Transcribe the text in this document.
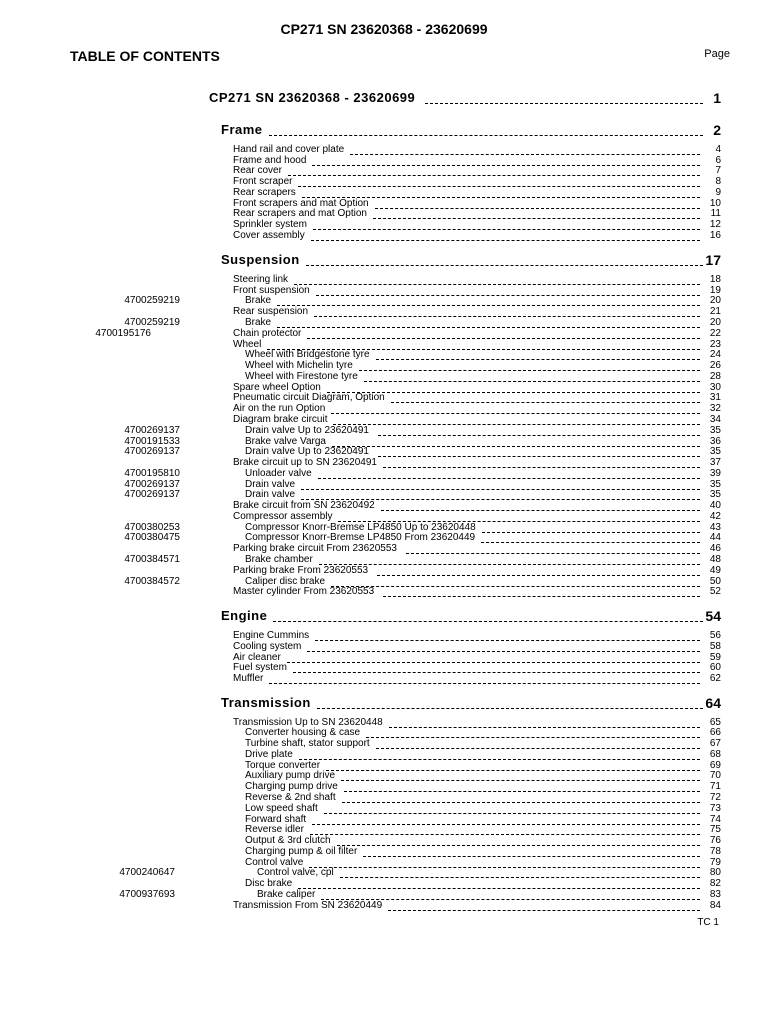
CP271 SN 23620368 - 23620699
TABLE OF CONTENTS	Page
CP271 SN 23620368 - 23620699	1
Frame	2
Hand rail and cover plate	4
Frame and hood	6
Rear cover	7
Front scraper	8
Rear scrapers	9
Front scrapers and mat Option	10
Rear scrapers and mat Option	11
Sprinkler system	12
Cover assembly	16
Suspension	17
Steering link	18
Front suspension	19
4700259219	Brake	20
Rear suspension	21
4700259219	Brake	20
4700195176	Chain protector	22
Wheel	23
Wheel with Bridgestone tyre	24
Wheel with Michelin tyre	26
Wheel with Firestone tyre	28
Spare wheel Option	30
Pneumatic circuit Diagram, Option	31
Air on the run Option	32
Diagram brake circuit	34
4700269137	Drain valve Up to 23620491	35
4700191533	Brake valve Varga	36
4700269137	Drain valve Up to 23620491	35
Brake circuit up to SN 23620491	37
4700195810	Unloader valve	39
4700269137	Drain valve	35
4700269137	Drain valve	35
Brake circuit from SN 23620492	40
Compressor assembly	42
4700380253	Compressor Knorr-Bremse LP4850 Up to 23620448	43
4700380475	Compressor Knorr-Bremse LP4850 From 23620449	44
Parking brake circuit From 23620553	46
4700384571	Brake chamber	48
Parking brake From 23620553	49
4700384572	Caliper disc brake	50
Master cylinder From 23620553	52
Engine	54
Engine Cummins	56
Cooling system	58
Air cleaner	59
Fuel system	60
Muffler	62
Transmission	64
Transmission Up to SN 23620448	65
Converter housing & case	66
Turbine shaft, stator support	67
Drive plate	68
Torque converter	69
Auxiliary pump drive	70
Charging pump drive	71
Reverse & 2nd shaft	72
Low speed shaft	73
Forward shaft	74
Reverse idler	75
Output & 3rd clutch	76
Charging pump & oil filter	78
Control valve	79
4700240647	Control valve, cpl	80
Disc brake	82
4700937693	Brake caliper	83
Transmission From SN 23620449	84
TC 1
